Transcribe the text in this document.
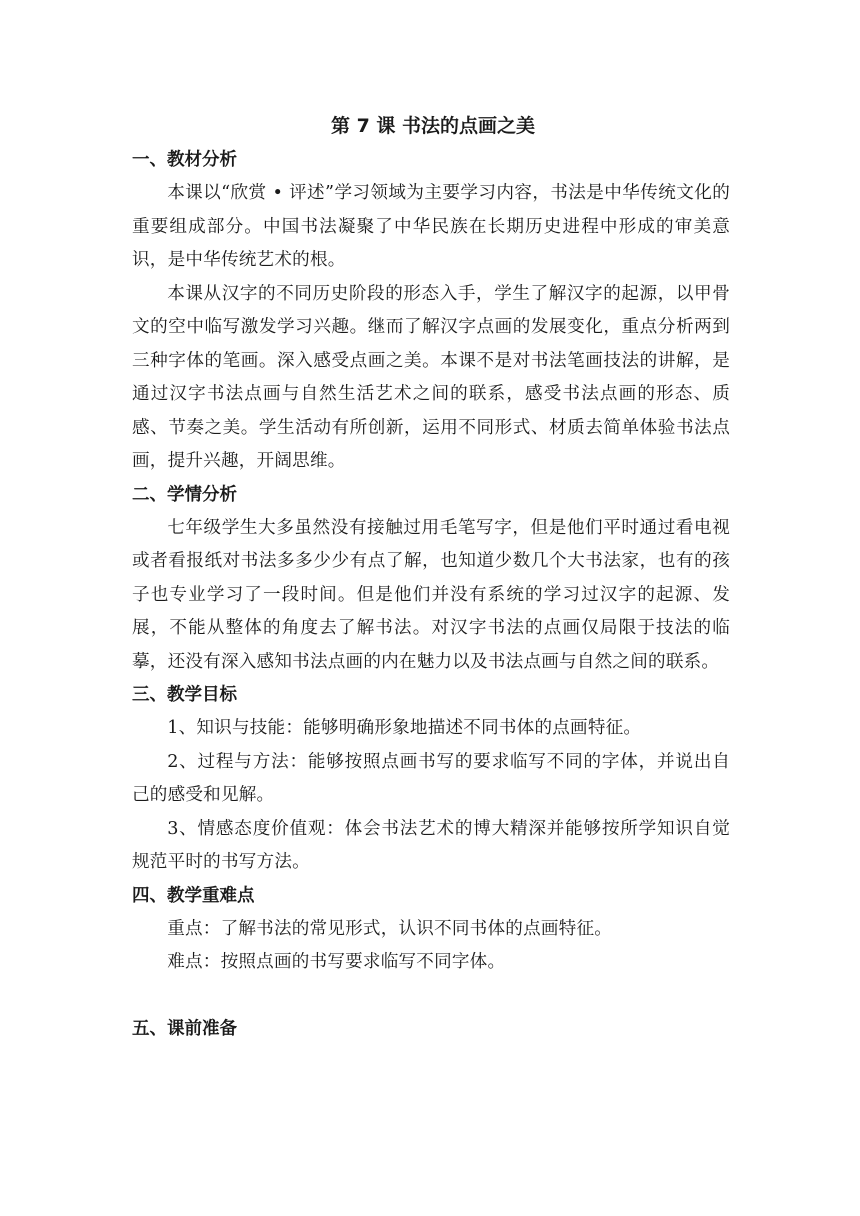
第 7 课 书法的点画之美
一、教材分析

本课以“欣赏 • 评述”学习领域为主要学习内容，书法是中华传统文化的重要组成部分。中国书法凝聚了中华民族在长期历史进程中形成的审美意识，是中华传统艺术的根。

本课从汉字的不同历史阶段的形态入手，学生了解汉字的起源，以甲骨文的空中临写激发学习兴趣。继而了解汉字点画的发展变化，重点分析两到三种字体的笔画。深入感受点画之美。本课不是对书法笔画技法的讲解，是通过汉字书法点画与自然生活艺术之间的联系，感受书法点画的形态、质感、节奏之美。学生活动有所创新，运用不同形式、材质去简单体验书法点画，提升兴趣，开阔思维。

二、学情分析

七年级学生大多虽然没有接触过用毛笔写字，但是他们平时通过看电视或者看报纸对书法多多少少有点了解，也知道少数几个大书法家，也有的孩子也专业学习了一段时间。但是他们并没有系统的学习过汉字的起源、发展，不能从整体的角度去了解书法。对汉字书法的点画仅局限于技法的临摹，还没有深入感知书法点画的内在魅力以及书法点画与自然之间的联系。

三、教学目标

1、知识与技能：能够明确形象地描述不同书体的点画特征。

2、过程与方法：能够按照点画书写的要求临写不同的字体，并说出自己的感受和见解。

3、情感态度价值观：体会书法艺术的博大精深并能够按所学知识自觉规范平时的书写方法。

四、教学重难点

重点：了解书法的常见形式，认识不同书体的点画特征。

难点：按照点画的书写要求临写不同字体。

五、课前准备
